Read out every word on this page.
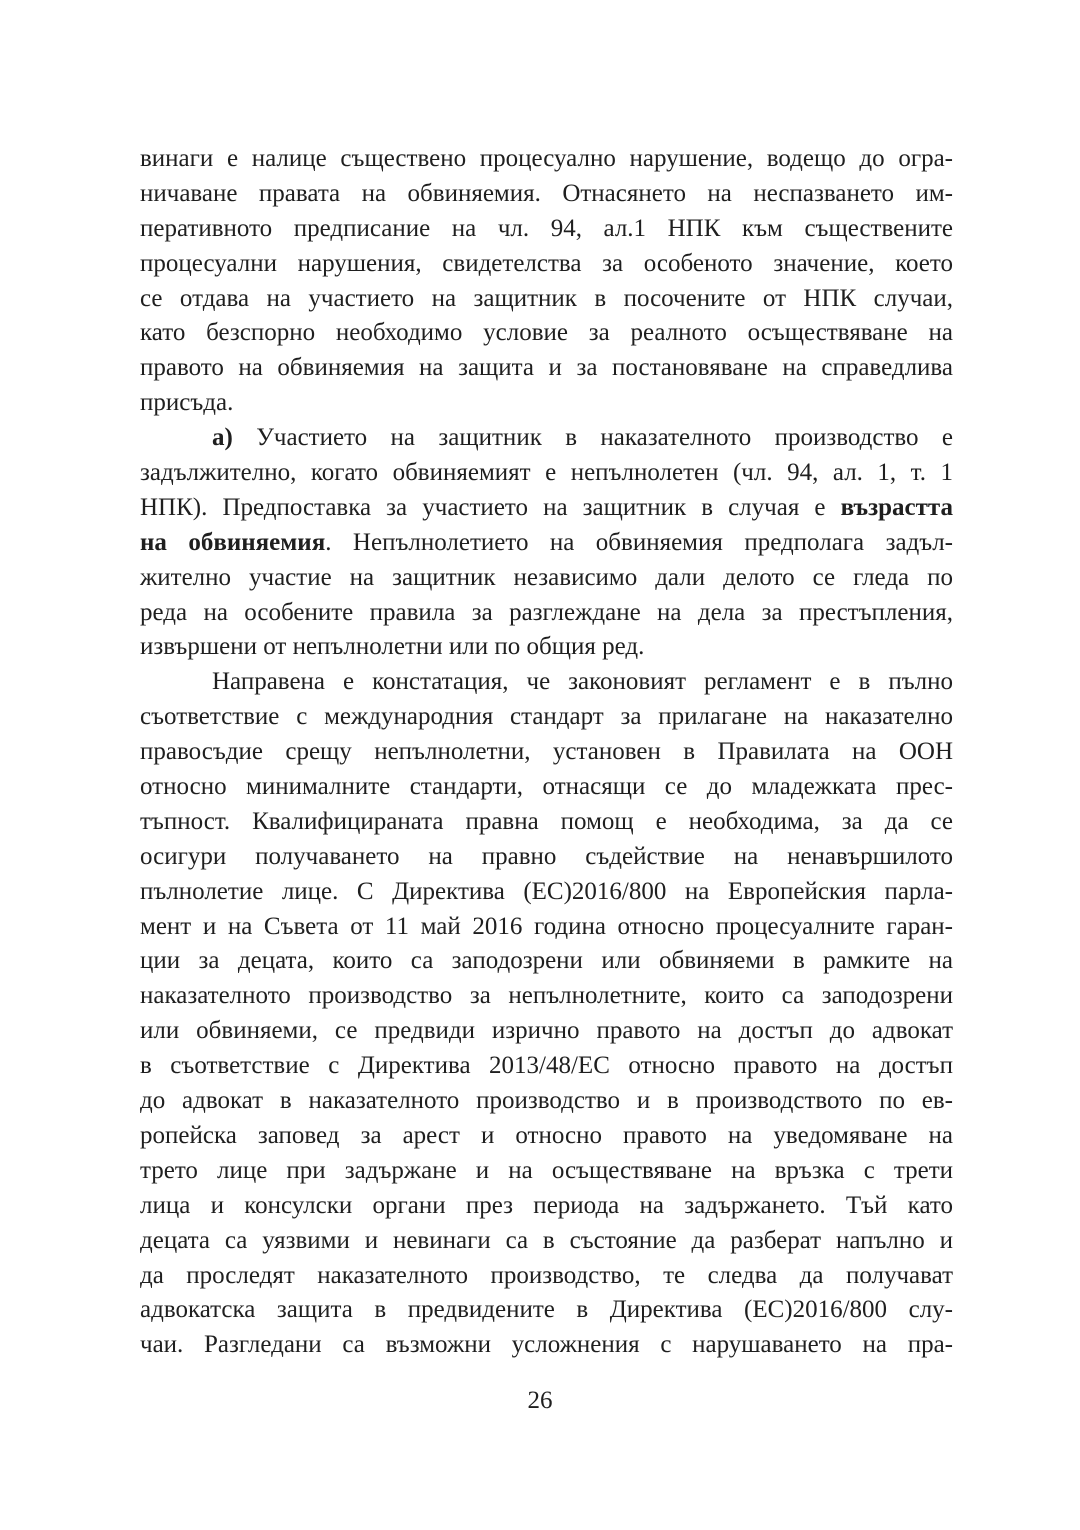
винаги е налице съществено процесуално нарушение, водещо до огра-
ничаване правата на обвиняемия. Отнасянето на неспазването им-
перативното предписание на чл. 94, ал.1 НПК към съществените
процесуални нарушения, свидетелства за особеното значение, което
се отдава на участието на защитник в посочените от НПК случаи,
като безспорно необходимо условие за реалното осъществяване на
правото на обвиняемия на защита и за постановяване на справедлива
присъда.
а) Участието на защитник в наказателното производство е
задължително, когато обвиняемият е непълнолетен (чл. 94, ал. 1, т. 1
НПК). Предпоставка за участието на защитник в случая е възрастта
на обвиняемия. Непълнолетието на обвиняемия предполага задъл-
жително участие на защитник независимо дали делото се гледа по
реда на особените правила за разглеждане на дела за престъпления,
извършени от непълнолетни или по общия ред.
Направена е констатация, че законовият регламент е в пълно
съответствие с международния стандарт за прилагане на наказателно
правосъдие срещу непълнолетни, установен в Правилата на ООН
относно минималните стандарти, отнасящи се до младежката прес-
тъпност. Квалифицираната правна помощ е необходима, за да се
осигури получаването на правно съдействие на ненавършилото
пълнолетие лице. С Директива (ЕС)2016/800 на Европейския парла-
мент и на Съвета от 11 май 2016 година относно процесуалните гаран-
ции за децата, които са заподозрени или обвиняеми в рамките на
наказателното производство за непълнолетните, които са заподозрени
или обвиняеми, се предвиди изрично правото на достъп до адвокат
в съответствие с Директива 2013/48/ЕС относно правото на достъп
до адвокат в наказателното производство и в производството по ев-
ропейска заповед за арест и относно правото на уведомяване на
трето лице при задържане и на осъществяване на връзка с трети
лица и консулски органи през периода на задържането. Тъй като
децата са уязвими и невинаги са в състояние да разберат напълно и
да проследят наказателното производство, те следва да получават
адвокатска защита в предвидените в Директива (ЕС)2016/800 слу-
чаи. Разгледани са възможни усложнения с нарушаването на пра-
26
